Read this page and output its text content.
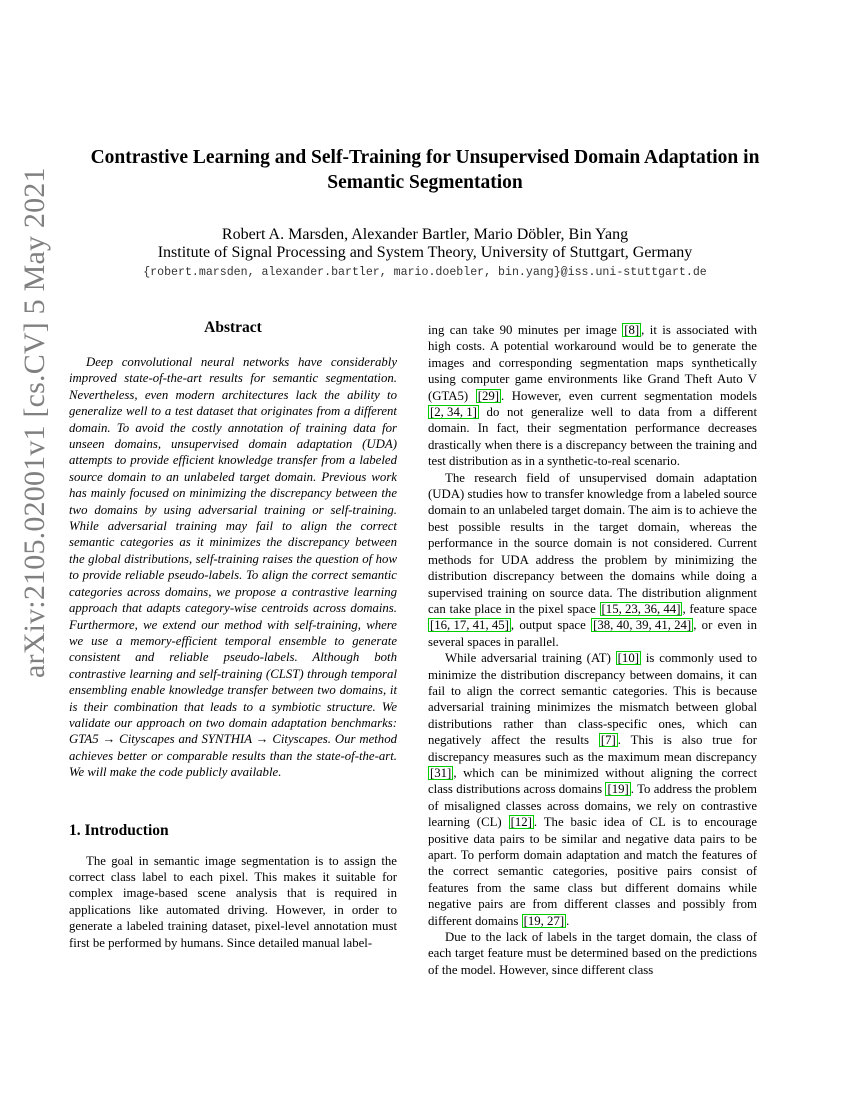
arXiv:2105.02001v1 [cs.CV] 5 May 2021
Contrastive Learning and Self-Training for Unsupervised Domain Adaptation in
Semantic Segmentation
Robert A. Marsden, Alexander Bartler, Mario Döbler, Bin Yang
Institute of Signal Processing and System Theory, University of Stuttgart, Germany
{robert.marsden, alexander.bartler, mario.doebler, bin.yang}@iss.uni-stuttgart.de
Abstract

Deep convolutional neural networks have considerably improved state-of-the-art results for semantic segmentation. Nevertheless, even modern architectures lack the ability to generalize well to a test dataset that originates from a different domain. To avoid the costly annotation of training data for unseen domains, unsupervised domain adaptation (UDA) attempts to provide efficient knowledge transfer from a labeled source domain to an unlabeled target domain. Previous work has mainly focused on minimizing the discrepancy between the two domains by using adversarial training or self-training. While adversarial training may fail to align the correct semantic categories as it minimizes the discrepancy between the global distributions, self-training raises the question of how to provide reliable pseudo-labels. To align the correct semantic categories across domains, we propose a contrastive learning approach that adapts category-wise centroids across domains. Furthermore, we extend our method with self-training, where we use a memory-efficient temporal ensemble to generate consistent and reliable pseudo-labels. Although both contrastive learning and self-training (CLST) through temporal ensembling enable knowledge transfer between two domains, it is their combination that leads to a symbiotic structure. We validate our approach on two domain adaptation benchmarks: GTA5 → Cityscapes and SYNTHIA → Cityscapes. Our method achieves better or comparable results than the state-of-the-art. We will make the code publicly available.

1. Introduction

The goal in semantic image segmentation is to assign the correct class label to each pixel. This makes it suitable for complex image-based scene analysis that is required in applications like automated driving. However, in order to generate a labeled training dataset, pixel-level annotation must first be performed by humans. Since detailed manual label-

ing can take 90 minutes per image [8] , it is associated with high costs. A potential workaround would be to generate the images and corresponding segmentation maps synthetically using computer game environments like Grand Theft Auto V (GTA5) [29] . However, even current segmentation models [2, 34, 1] do not generalize well to data from a different domain. In fact, their segmentation performance decreases drastically when there is a discrepancy between the training and test distribution as in a synthetic-to-real scenario.

The research field of unsupervised domain adaptation (UDA) studies how to transfer knowledge from a labeled source domain to an unlabeled target domain. The aim is to achieve the best possible results in the target domain, whereas the performance in the source domain is not considered. Current methods for UDA address the problem by minimizing the distribution discrepancy between the domains while doing a supervised training on source data. The distribution alignment can take place in the pixel space [15, 23, 36, 44] , feature space [16, 17, 41, 45] , output space [38, 40, 39, 41, 24] , or even in several spaces in parallel.

While adversarial training (AT) [10] is commonly used to minimize the distribution discrepancy between domains, it can fail to align the correct semantic categories. This is because adversarial training minimizes the mismatch between global distributions rather than class-specific ones, which can negatively affect the results [7] . This is also true for discrepancy measures such as the maximum mean discrepancy [31] , which can be minimized without aligning the correct class distributions across domains [19] . To address the problem of misaligned classes across domains, we rely on contrastive learning (CL) [12] . The basic idea of CL is to encourage positive data pairs to be similar and negative data pairs to be apart. To perform domain adaptation and match the features of the correct semantic categories, positive pairs consist of features from the same class but different domains while negative pairs are from different classes and possibly from different domains [19, 27] .

Due to the lack of labels in the target domain, the class of each target feature must be determined based on the predictions of the model. However, since different class
